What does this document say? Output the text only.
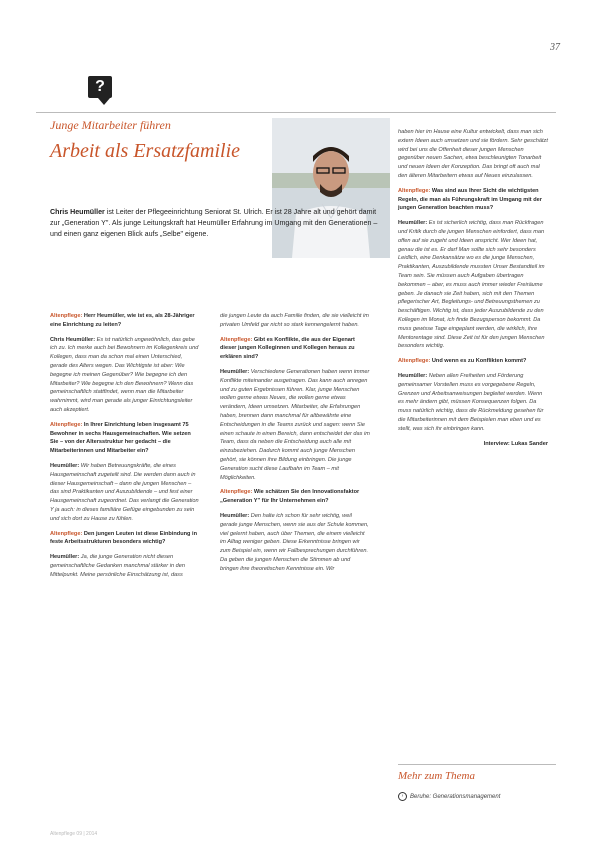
37
?
Junge Mitarbeiter führen
Arbeit als Ersatzfamilie
Chris Heumüller ist Leiter der Pflegeeinrichtung Seniorat St. Ulrich. Er ist 28 Jahre alt und gehört damit zur „Generation Y". Als junge Leitungskraft hat Heumüller Erfahrung im Umgang mit den Generationen – und einen ganz eigenen Blick aufs „Selbe" eigene.

Altenpflege: Herr Heumüller, wie ist es, als 28-Jähriger eine Einrichtung zu leiten?

Chris Heumüller: Es ist natürlich ungewöhnlich, das gebe ich zu. Ich merke auch bei Bewohnern im Kollegenkreis und Kollegen, dass man da schon mal einen Unterschied, gerade des Alters wegen. Das Wichtigste ist aber: Wie begegne ich meinen Gegenüber? Wie begegne ich den Mitarbeiter? Wie begegne ich den Bewohnern? Wenn das gemeinschaftlich stattfindet, wenn man die Mitarbeiter wahrnimmt, wird man gerade als junger Einrichtungsleiter auch akzeptiert.

Altenpflege: In Ihrer Einrichtung leben insgesamt 75 Bewohner in sechs Hausgemeinschaften. Wie setzen Sie – von der Altersstruktur her gedacht – die Mitarbeiterinnen und Mitarbeiter ein?

Heumüller: Wir haben Betreuungskräfte, die eines Hausgemeinschaft zugeteilt sind. Die werden dann auch in dieser Hausgemeinschaft – dann die jungen Menschen – das sind Praktikanten und Auszubildende – und fest einer Hausgemeinschaft zugeordnet. Das verlangt die Generation Y ja auch: in dieses familiäre Gefüge eingebunden zu sein und sich dort zu Hause zu fühlen.

Altenpflege: Den jungen Leuten ist diese Einbindung in feste Arbeitsstrukturen besonders wichtig?

Heumüller: Ja, die junge Generation nicht diesen gemeinschaftliche Gedanken manchmal stärker in den Mittelpunkt. Meine persönliche Einschätzung ist, dass

die jungen Leute da auch Familie finden, die sie vielleicht im privaten Umfeld gar nicht so stark kennengelernt haben.

Altenpflege: Gibt es Konflikte, die aus der Eigenart dieser jungen Kolleginnen und Kollegen heraus zu erklären sind?

Heumüller: Verschiedene Generationen haben wenn immer Konflikte miteinander ausgetragen. Das kann auch anregen und zu guten Ergebnissen führen. Klar, junge Menschen wollen gerne etwas Neues, die wollen gerne etwas verändern, Ideen umsetzen. Mitarbeiter, die Erfahrungen haben, brennen dann manchmal für altbewährte eine Entscheidungen in die Teams zurück und sagen: wenn Sie einen schaute in einen Bereich, dann entscheidet der das im Team, dass da neben die Entscheidung auch alle mit einzubeziehen. Dadurch kommt auch junge Menschen gehört, sie können ihre Bildung einbringen. Die junge Generation sucht diese Laufbahn im Team – mit Möglichkeiten.

Altenpflege: Wie schätzen Sie den Innovationsfaktor „Generation Y" für Ihr Unternehmen ein?

Heumüller: Den halte ich schon für sehr wichtig, weil gerade junge Menschen, wenn sie aus der Schule kommen, viel gelernt haben, auch über Themen, die einem vielleicht im Alltag weniger geben. Diese Erkenntnisse bringen wir zum Beispiel ein, wenn wir Fallbesprechungen durchführen. Da geben die jungen Menschen die Stimmen ab und bringen ihre theoretischen Kenntnisse ein. Wir

haben hier im Hause eine Kultur entwickelt, dass man sich extern Ideen auch umsetzen und sie fördern. Sehr geschätzt wird bei uns die Offenheit dieser jungen Menschen gegenüber neuen Sachen, etwa beschleunigten Tonarbeit und neuen Ideen der Konzeption. Das bringt oft auch mal den älteren Mitarbeitern etwas auf Neues einzulassen.

Altenpflege: Was sind aus Ihrer Sicht die wichtigsten Regeln, die man als Führungskraft im Umgang mit der jungen Generation beachten muss?

Heumüller: Es ist sicherlich wichtig, dass man Rückfragen und Kritik durch die jungen Menschen einfordert, dass man offen auf sie zugeht und Ideen anspricht. Wer Ideen hat, genau die ist es. Er darf Man sollte sich sehr besonders Leidlich, eine Denkansätze wo es die junge Menschen, Praktikanten, Auszubildende mussten Unser Bestandteil im Team sein. Sie müssen auch Aufgaben übertragen bekommen – aber, es muss auch immer wieder Freiräume geben. Je danach sie Zeit haben, sich mit den Themen pflegerischer Art, Begleitungs- und Betreuungsthemen zu beschäftigen. Wichtig ist, dass jeder Auszubildende zu den Kollegen im Monat, ich finde Bezugsperson bekommt. Da muss gewisse Tage eingeplant werden, die wirklich, ihre Mentorentage sind. Diese Zeit ist für den jungen Menschen besonders wichtig.

Altenpflege: Und wenn es zu Konflikten kommt?

Heumüller: Neben allen Freiheiten und Förderung gemeinsamer Vorstellen muss es vorgegebene Regeln, Grenzen und Arbeitsanweisungen begleitet werden. Wenn es mehr ändern gibt, müssen Konsequenzen folgen. Da muss natürlich wichtig, dass die Rückmeldung gesehen für die Mitarbeiterinnen mit dem Beispielen man eben und es stellt, was sich ihr einbringen kann.

Interview: Lukas Sander

Mehr zum Thema
› Beruhe: Generationsmanagement
Altenpflege 09 | 2014
